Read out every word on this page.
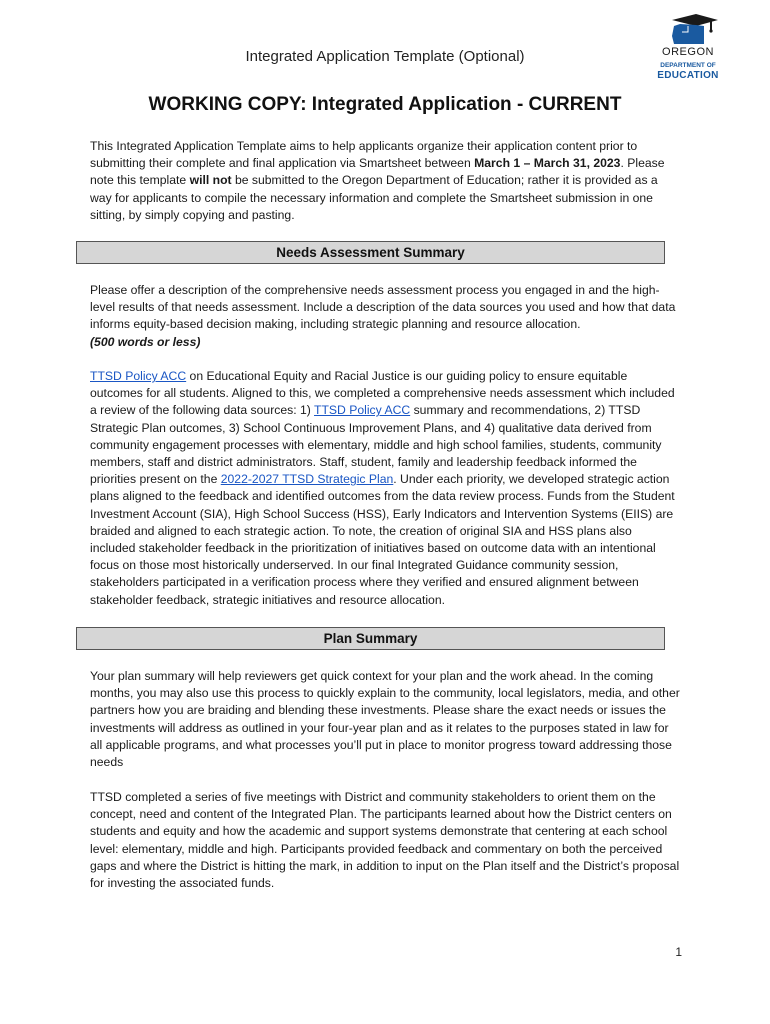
Integrated Application Template (Optional)	OREGON
DEPARTMENT OF
EDUCATION
WORKING COPY: Integrated Application - CURRENT

This Integrated Application Template aims to help applicants organize their application content prior to submitting their complete and final application via Smartsheet between March 1 – March 31, 2023. Please note this template will not be submitted to the Oregon Department of Education; rather it is provided as a way for applicants to compile the necessary information and complete the Smartsheet submission in one sitting, by simply copying and pasting.

Needs Assessment Summary

Please offer a description of the comprehensive needs assessment process you engaged in and the high-level results of that needs assessment. Include a description of the data sources you used and how that data informs equity-based decision making, including strategic planning and resource allocation.
(500 words or less)

TTSD Policy ACC on Educational Equity and Racial Justice is our guiding policy to ensure equitable outcomes for all students. Aligned to this, we completed a comprehensive needs assessment which included a review of the following data sources: 1) TTSD Policy ACC summary and recommendations, 2) TTSD Strategic Plan outcomes, 3) School Continuous Improvement Plans, and 4) qualitative data derived from community engagement processes with elementary, middle and high school families, students, community members, staff and district administrators. Staff, student, family and leadership feedback informed the priorities present on the 2022-2027 TTSD Strategic Plan. Under each priority, we developed strategic action plans aligned to the feedback and identified outcomes from the data review process. Funds from the Student Investment Account (SIA), High School Success (HSS), Early Indicators and Intervention Systems (EIIS) are braided and aligned to each strategic action. To note, the creation of original SIA and HSS plans also included stakeholder feedback in the prioritization of initiatives based on outcome data with an intentional focus on those most historically underserved. In our final Integrated Guidance community session, stakeholders participated in a verification process where they verified and ensured alignment between stakeholder feedback, strategic initiatives and resource allocation.

Plan Summary

Your plan summary will help reviewers get quick context for your plan and the work ahead. In the coming months, you may also use this process to quickly explain to the community, local legislators, media, and other partners how you are braiding and blending these investments. Please share the exact needs or issues the investments will address as outlined in your four-year plan and as it relates to the purposes stated in law for all applicable programs, and what processes you’ll put in place to monitor progress toward addressing those needs

TTSD completed a series of five meetings with District and community stakeholders to orient them on the concept, need and content of the Integrated Plan. The participants learned about how the District centers on students and equity and how the academic and support systems demonstrate that centering at each school level: elementary, middle and high. Participants provided feedback and commentary on both the perceived gaps and where the District is hitting the mark, in addition to input on the Plan itself and the District’s proposal for investing the associated funds.

1
